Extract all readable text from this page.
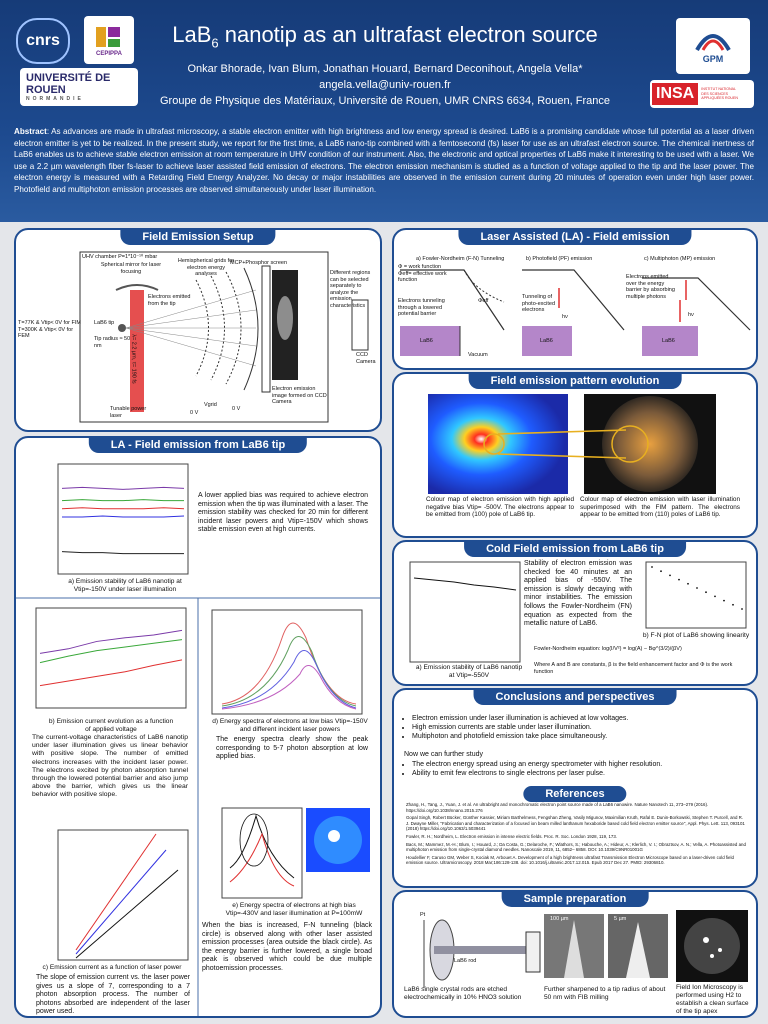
cnrs
CEPIPPA
UNIVERSITÉ DE ROUEN
NORMANDIE
GPM
INSA	INSTITUT NATIONAL DES SCIENCES APPLIQUÉES ROUEN
LaB$_6$ nanotip as an ultrafast electron source
Onkar Bhorade, Ivan Blum, Jonathan Houard, Bernard Deconihout, Angela Vella*
angela.vella@univ-rouen.fr
Groupe de Physique des Matériaux, Université de Rouen, UMR CNRS 6634, Rouen, France
Abstract: As advances are made in ultrafast microscopy, a stable electron emitter with high brightness and low energy spread is desired. LaB6 is a promising candidate whose full potential as a laser driven electron emitter is yet to be realized. In the present study, we report for the first time, a LaB6 nano-tip combined with a femtosecond (fs) laser for use as an ultrafast electron source. The chemical inertness of LaB6 enables us to achieve stable electron emission at room temperature in UHV condition of our instrument. Also, the electronic and optical properties of LaB6 make it interesting to be used with a laser. We use a 2.2 µm wavelength fiber fs-laser to achieve laser assisted field emission of electrons. The electron emission mechanism is studied as a function of voltage applied to the tip and the laser power. The electron energy is measured with a Retarding Field Energy Analyzer. No decay or major instabilities are observed in the emission current during 20 minutes of operation even under high laser power. Photofield and multiphoton emission processes are observed simultaneously under laser illumination.
Field Emission Setup
UHV chamber P=1*10⁻¹⁰ mbar
Spherical mirror for laser focusing
Hemispherical grids for electron energy analyses
MCP+Phosphor screen
Different regions can be selected separately to analyze the emission characteristics
Electrons emitted from the tip
LaB6 tip
Tip radius ≈ 50 nm
T=77K & Vtip< 0V for FIM
T=300K & Vtip< 0V for FEM
Tunable power laser
λ= 2.2 µm, τ= 190 fs
0 V
Vgrid
0 V
CCD Camera
Electron emission image formed on CCD Camera
Laser Assisted (LA) - Field emission
a) Fowler-Nordheim (F-N) Tunneling
Φ = work function
Φeff= effective work function
Electrons tunneling through a lowered potential barrier
Φeff
LaB6
Vacuum
b) Photofield (PF) emission
Tunneling of photo-excited electrons
hν
LaB6
c) Multiphoton (MP) emission
Electrons emitted over the energy barrier by absorbing multiple photons
hν
LaB6
Field emission pattern evolution
Colour map of electron emission with high applied negative bias Vtip= -500V. The electrons appear to be emitted from (100) pole of LaB6 tip.
Colour map of electron emission with laser illumination superimposed with the FIM pattern. The electrons appear to be emitted from (110) poles of LaB6 tip.
LA - Field emission from LaB6 tip
A lower applied bias was required to achieve electron emission when the tip was illuminated with a laser. The emission stability was checked for 20 min for different incident laser powers and Vtip=-150V which shows stable emission even at high currents.
a) Emission stability of LaB6 nanotip at Vtip=-150V under laser illumination
b) Emission current evolution as a function of applied voltage
The current-voltage characteristics of LaB6 nanotip under laser illumination gives us linear behavior with positive slope. The number of emitted electrons increases with the incident laser power. The electrons excited by photon absorption tunnel through the lowered potential barrier and also jump above the barrier, which gives us the linear behavior with positive slope.
d) Energy spectra of electrons at low bias Vtip=-150V and different incident laser powers
The energy spectra clearly show the peak corresponding to 5-7 photon absorption at low applied bias.
e) Energy spectra of electrons at high bias Vtip=-430V and laser illumination at P=100mW
When the bias is increased, F-N tunneling (black circle) is observed along with other laser assisted emission processes (area outside the black circle). As the energy barrier is further lowered, a single broad peak is observed which could be due multiple photoemission processes.
c) Emission current as a function of laser power
The slope of emission current vs. the laser power gives us a slope of 7, corresponding to a 7 photon absorption process. The number of photons absorbed are independent of the laser power used.
Cold Field emission from LaB6 tip
Stability of electron emission was checked foe 40 minutes at an applied bias of -550V. The emission is slowly decaying with minor instabilities. The emission follows the Fowler-Nordheim (FN) equation as expected from the metallic nature of LaB6.
a) Emission stability of LaB6 nanotip at Vtip=-550V
b) F-N plot of LaB6 showing linearity
Fowler-Nordheim equation: log(I/V²) = log(A) − Bφ^(3/2)/(βV)
Where A and B are constants, β is the field enhancement factor and Φ is the work function
Conclusions and perspectives
• Electron emission under laser illumination is achieved at low voltages.
• High emission currents are stable under laser illumination.
• Multiphoton and photofield emission take place simultaneously.
Now we can further study
• The electron energy spread using an energy spectrometer with higher resolution.
• Ability to emit few electrons to single electrons per laser pulse.
References

Zhang, H., Tang, J., Yuan, J. et al. An ultrabright and monochromatic electron point source made of a LaB6 nanowire. Nature Nanotech 11, 273–279 (2016). https://doi.org/10.1038/nnano.2015.276

Gopal Singh, Robert Bücker, Günther Kassier, Miriam Barthelmess, Fengshan Zheng, Vasily Migunov, Maximilian Kruth, Rafal E. Dunin-Borkowski, Stephen T. Purcell, and R. J. Dwayne Miller, "Fabrication and characterization of a focused ion beam milled lanthanum hexaboride based cold field electron emitter source", Appl. Phys. Lett. 113, 093101 (2018) https://doi.org/10.1063/1.5039441

Fowler, R. H.; Nordheim, L. Electron emission in intense electric fields. Proc. R. Soc. London 1928, 119, 173.

Bacs, M.; Mammez, M.-H.; Blum, I.; Houard, J.; Da Costa, G.; Delaroche, F.; Wlathors, S.; Habouche, A.; Hideur, A.; Klerlich, V. I.; Obraztsov, A. N.; Vella, A. Photoassisted and multiphoton emission from single-crystal diamond needles. Nanoscale 2019, 11, 6852– 6858. DOI: 10.1039/C9NR01001G

Houdellier F, Caruso GM, Weber S, Kociak M, Arbouet A. Development of a high brightness ultrafast Transmission Electron Microscope based on a laser-driven cold field emission source. Ultramicroscopy. 2018 Mar;186:128-138. doi: 10.1016/j.ultramic.2017.12.015. Epub 2017 Dec 27. PMID: 29306810.

Sample preparation
Pt
LaB6 rod
100 µm	5 µm
LaB6 single crystal rods are etched electrochemically in 10% HNO3 solution
Further sharpened to a tip radius of about 50 nm with FIB milling
Field Ion Microscopy is performed using H2 to establish a clean surface of the tip apex
